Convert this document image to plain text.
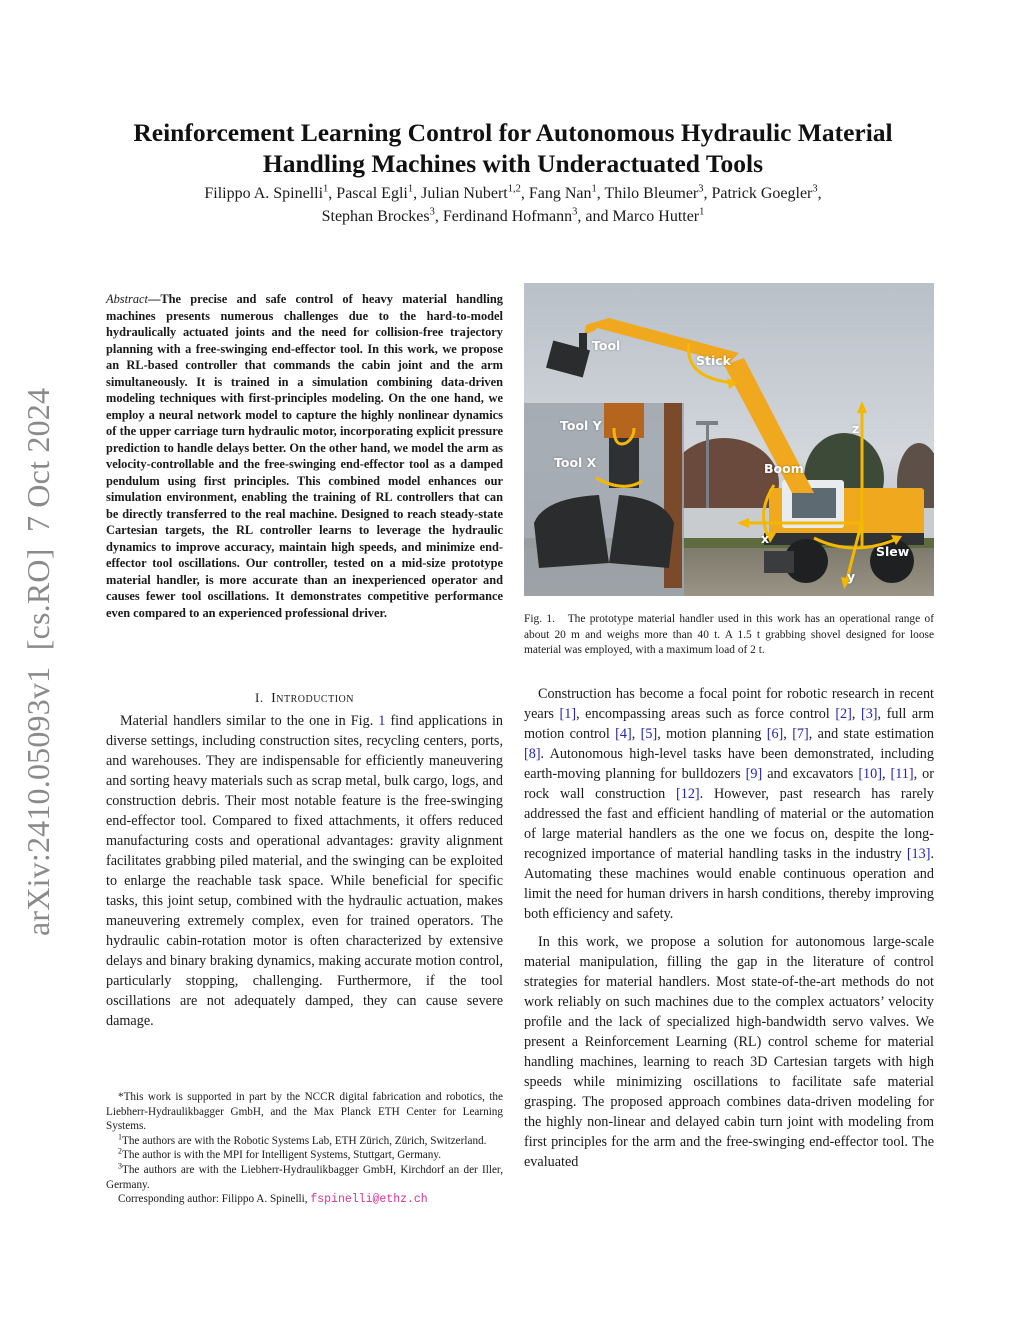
arXiv:2410.05093v1  [cs.RO]  7 Oct 2024
Reinforcement Learning Control for Autonomous Hydraulic Material
Handling Machines with Underactuated Tools
Filippo A. Spinelli$^1$, Pascal Egli$^1$, Julian Nubert$^{1,2}$, Fang Nan$^1$, Thilo Bleumer$^3$, Patrick Goegler$^3$,
Stephan Brockes$^3$, Ferdinand Hofmann$^3$, and Marco Hutter$^1$
Abstract—The precise and safe control of heavy material handling machines presents numerous challenges due to the hard-to-model hydraulically actuated joints and the need for collision-free trajectory planning with a free-swinging end-effector tool. In this work, we propose an RL-based controller that commands the cabin joint and the arm simultaneously. It is trained in a simulation combining data-driven modeling techniques with first-principles modeling. On the one hand, we employ a neural network model to capture the highly nonlinear dynamics of the upper carriage turn hydraulic motor, incorporating explicit pressure prediction to handle delays better. On the other hand, we model the arm as velocity-controllable and the free-swinging end-effector tool as a damped pendulum using first principles. This combined model enhances our simulation environment, enabling the training of RL controllers that can be directly transferred to the real machine. Designed to reach steady-state Cartesian targets, the RL controller learns to leverage the hydraulic dynamics to improve accuracy, maintain high speeds, and minimize end-effector tool oscillations. Our controller, tested on a mid-size prototype material handler, is more accurate than an inexperienced operator and causes fewer tool oscillations. It demonstrates competitive performance even compared to an experienced professional driver.
I. Introduction

Material handlers similar to the one in Fig. 1 find applications in diverse settings, including construction sites, recycling centers, ports, and warehouses. They are indispensable for efficiently maneuvering and sorting heavy materials such as scrap metal, bulk cargo, logs, and construction debris. Their most notable feature is the free-swinging end-effector tool. Compared to fixed attachments, it offers reduced manufacturing costs and operational advantages: gravity alignment facilitates grabbing piled material, and the swinging can be exploited to enlarge the reachable task space. While beneficial for specific tasks, this joint setup, combined with the hydraulic actuation, makes maneuvering extremely complex, even for trained operators. The hydraulic cabin-rotation motor is often characterized by extensive delays and binary braking dynamics, making accurate motion control, particularly stopping, challenging. Furthermore, if the tool oscillations are not adequately damped, they can cause severe damage.

*This work is supported in part by the NCCR digital fabrication and robotics, the Liebherr-Hydraulikbagger GmbH, and the Max Planck ETH Center for Learning Systems.

$^1$The authors are with the Robotic Systems Lab, ETH Zürich, Zürich, Switzerland.

$^2$The author is with the MPI for Intelligent Systems, Stuttgart, Germany.

$^3$The authors are with the Liebherr-Hydraulikbagger GmbH, Kirchdorf an der Iller, Germany.

Corresponding author: Filippo A. Spinelli, fspinelli@ethz.ch

Tool
Stick
Tool Y
Tool X	Boom
z
x
y
Slew
Fig. 1. The prototype material handler used in this work has an operational range of about 20 m and weighs more than 40 t. A 1.5 t grabbing shovel designed for loose material was employed, with a maximum load of 2 t.

Construction has become a focal point for robotic research in recent years [1], encompassing areas such as force control [2], [3], full arm motion control [4], [5], motion planning [6], [7], and state estimation [8]. Autonomous high-level tasks have been demonstrated, including earth-moving planning for bulldozers [9] and excavators [10], [11], or rock wall construction [12]. However, past research has rarely addressed the fast and efficient handling of material or the automation of large material handlers as the one we focus on, despite the long-recognized importance of material handling tasks in the industry [13]. Automating these machines would enable continuous operation and limit the need for human drivers in harsh conditions, thereby improving both efficiency and safety.

In this work, we propose a solution for autonomous large-scale material manipulation, filling the gap in the literature of control strategies for material handlers. Most state-of-the-art methods do not work reliably on such machines due to the complex actuators’ velocity profile and the lack of specialized high-bandwidth servo valves. We present a Reinforcement Learning (RL) control scheme for material handling machines, learning to reach 3D Cartesian targets with high speeds while minimizing oscillations to facilitate safe material grasping. The proposed approach combines data-driven modeling for the highly non-linear and delayed cabin turn joint with modeling from first principles for the arm and the free-swinging end-effector tool. The evaluated
